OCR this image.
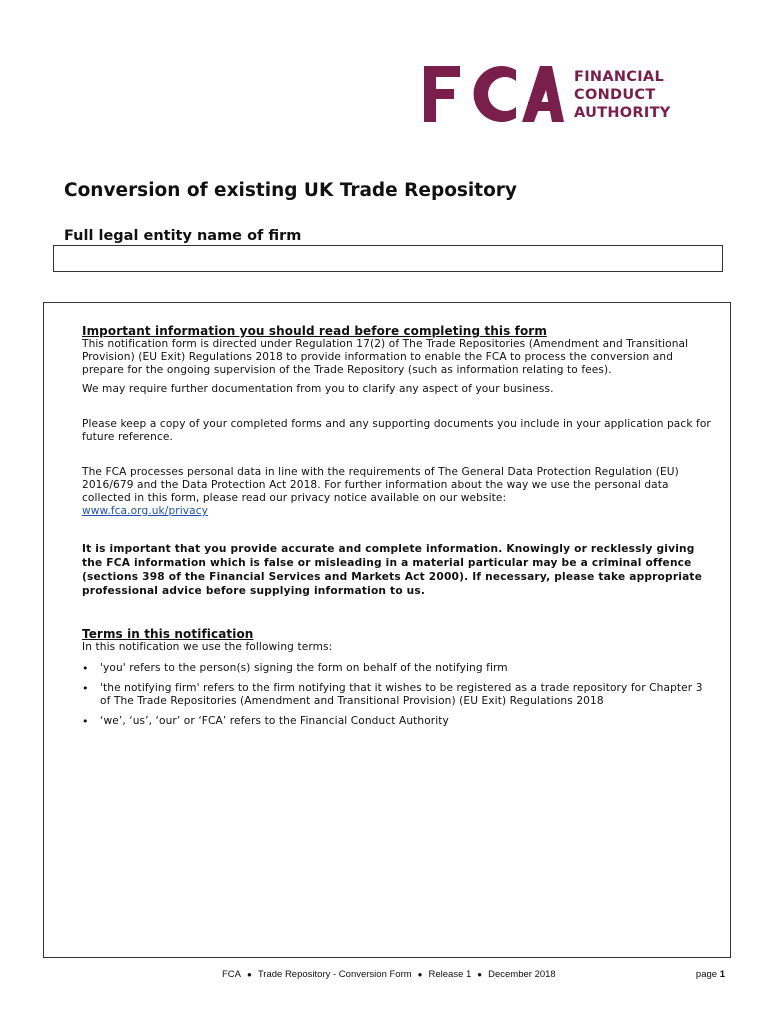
FINANCIAL
CONDUCT
AUTHORITY
Conversion of existing UK Trade Repository
Full legal entity name of firm

Important information you should read before completing this form

This notification form is directed under Regulation 17(2) of The Trade Repositories (Amendment and Transitional Provision) (EU Exit) Regulations 2018 to provide information to enable the FCA to process the conversion and prepare for the ongoing supervision of the Trade Repository (such as information relating to fees).

We may require further documentation from you to clarify any aspect of your business.

Please keep a copy of your completed forms and any supporting documents you include in your application pack for future reference.

The FCA processes personal data in line with the requirements of The General Data Protection Regulation (EU) 2016/679 and the Data Protection Act 2018. For further information about the way we use the personal data collected in this form, please read our privacy notice available on our website:

www.fca.org.uk/privacy

It is important that you provide accurate and complete information. Knowingly or recklessly giving the FCA information which is false or misleading in a material particular may be a criminal offence (sections 398 of the Financial Services and Markets Act 2000). If necessary, please take appropriate professional advice before supplying information to us.

Terms in this notification

In this notification we use the following terms:

• 'you' refers to the person(s) signing the form on behalf of the notifying firm
• 'the notifying firm' refers to the firm notifying that it wishes to be registered as a trade repository for Chapter 3 of The Trade Repositories (Amendment and Transitional Provision) (EU Exit) Regulations 2018
• ‘we’, ‘us’, ‘our’ or ‘FCA’ refers to the Financial Conduct Authority
FCA ● Trade Repository - Conversion Form ● Release 1 ● December 2018	page 1
